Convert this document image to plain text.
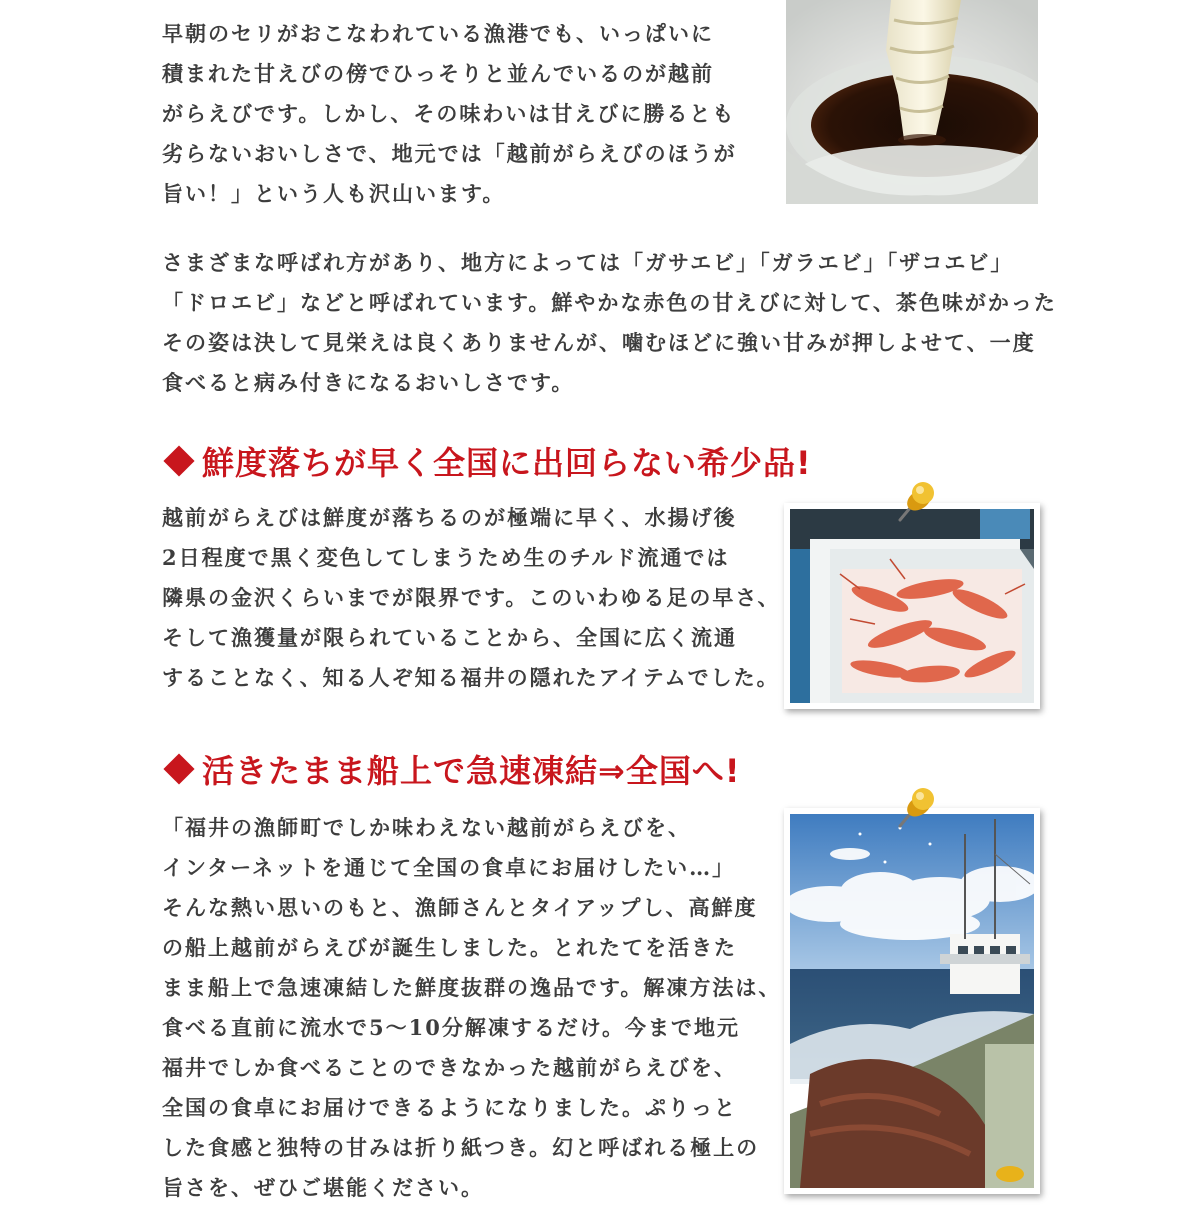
早朝のセリがおこなわれている漁港でも、いっぱいに
積まれた甘えびの傍でひっそりと並んでいるのが越前
がらえびです。しかし、その味わいは甘えびに勝るとも
劣らないおいしさで、地元では「越前がらえびのほうが
旨い！」という人も沢山います。
さまざまな呼ばれ方があり、地方によっては「ガサエビ」「ガラエビ」「ザコエビ」
「ドロエビ」などと呼ばれています。鮮やかな赤色の甘えびに対して、茶色味がかった
その姿は決して見栄えは良くありませんが、噛むほどに強い甘みが押しよせて、一度
食べると病み付きになるおいしさです。
鮮度落ちが早く全国に出回らない希少品!
越前がらえびは鮮度が落ちるのが極端に早く、水揚げ後
2日程度で黒く変色してしまうため生のチルド流通では
隣県の金沢くらいまでが限界です。このいわゆる足の早さ、
そして漁獲量が限られていることから、全国に広く流通
することなく、知る人ぞ知る福井の隠れたアイテムでした。
活きたまま船上で急速凍結⇒全国へ!
「福井の漁師町でしか味わえない越前がらえびを、
インターネットを通じて全国の食卓にお届けしたい…」
そんな熱い思いのもと、漁師さんとタイアップし、高鮮度
の船上越前がらえびが誕生しました。とれたてを活きた
まま船上で急速凍結した鮮度抜群の逸品です。解凍方法は、
食べる直前に流水で5～10分解凍するだけ。今まで地元
福井でしか食べることのできなかった越前がらえびを、
全国の食卓にお届けできるようになりました。ぷりっと
した食感と独特の甘みは折り紙つき。幻と呼ばれる極上の
旨さを、ぜひご堪能ください。
